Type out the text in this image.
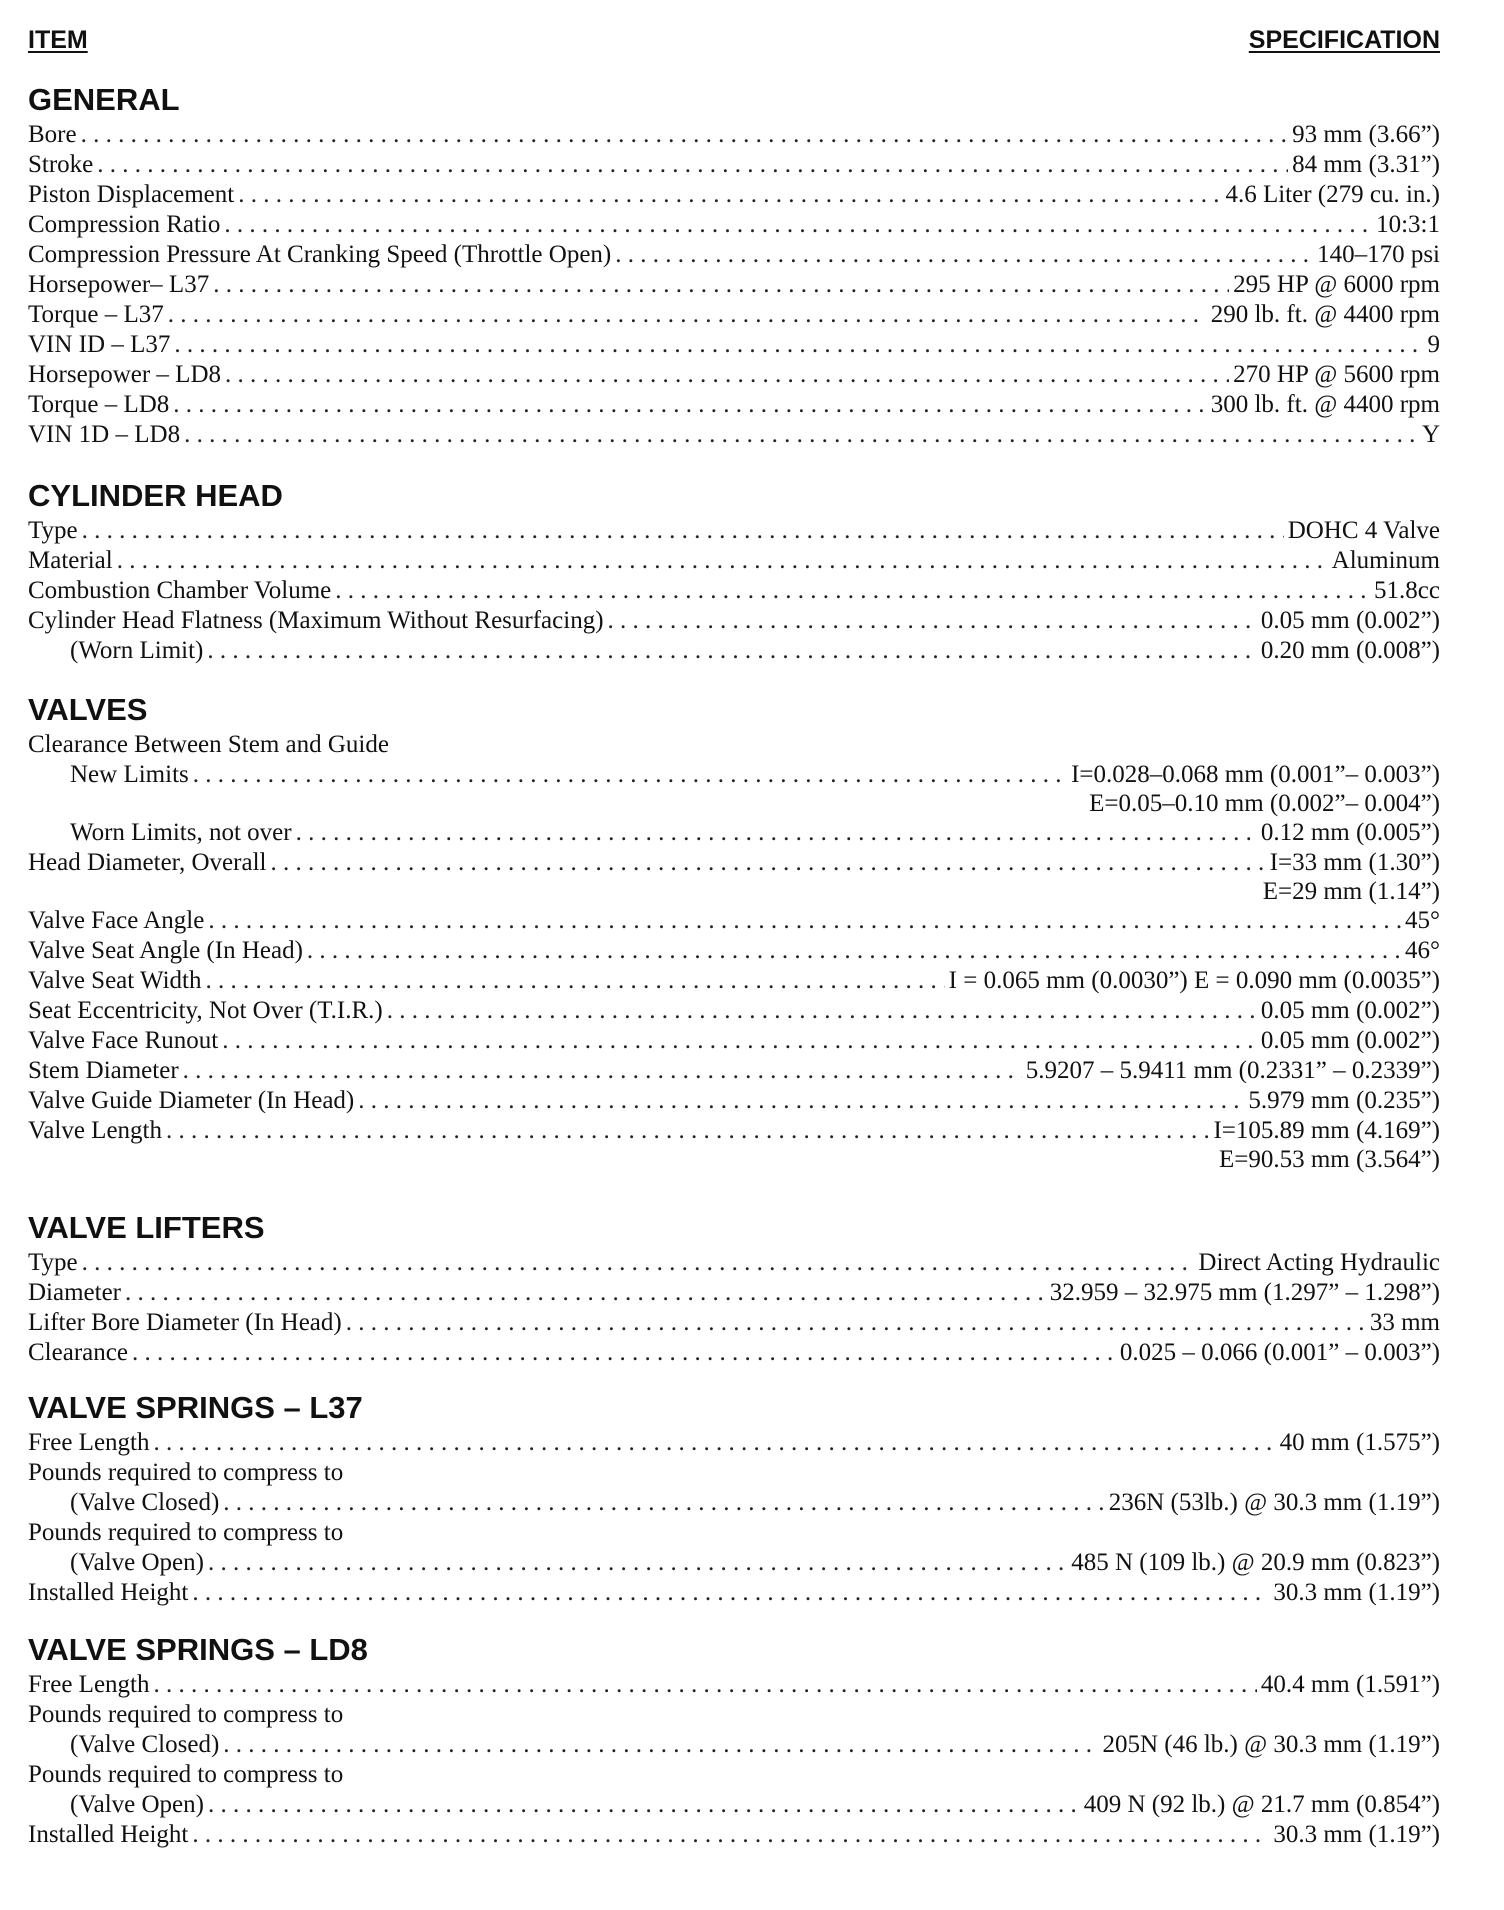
ITEM	SPECIFICATION
GENERAL
Bore . . .	93 mm (3.66”)
Stroke . . .	84 mm (3.31”)
Piston Displacement . . .	4.6 Liter (279 cu. in.)
Compression Ratio . . .	10:3:1
Compression Pressure At Cranking Speed (Throttle Open) . . .	140–170 psi
Horsepower– L37 . . .	295 HP @ 6000 rpm
Torque – L37 . . .	290 lb. ft. @ 4400 rpm
VIN ID – L37 . . .	9
Horsepower – LD8 . . .	270 HP @ 5600 rpm
Torque – LD8 . . .	300 lb. ft. @ 4400 rpm
VIN 1D – LD8 . . .	Y
CYLINDER HEAD
Type . . .	DOHC 4 Valve
Material . . .	Aluminum
Combustion Chamber Volume . . .	51.8cc
Cylinder Head Flatness (Maximum Without Resurfacing) . . .	0.05 mm (0.002”)
(Worn Limit) . . .	0.20 mm (0.008”)
VALVES
Clearance Between Stem and Guide
New Limits . . .	I=0.028–0.068 mm (0.001”– 0.003”)
E=0.05–0.10 mm (0.002”– 0.004”)
Worn Limits, not over . . .	0.12 mm (0.005”)
Head Diameter, Overall . . .	I=33 mm (1.30”)
E=29 mm (1.14”)
Valve Face Angle . . .	45°
Valve Seat Angle (In Head) . . .	46°
Valve Seat Width . . .	I = 0.065 mm (0.0030”) E = 0.090 mm (0.0035”)
Seat Eccentricity, Not Over (T.I.R.) . . .	0.05 mm (0.002”)
Valve Face Runout . . .	0.05 mm (0.002”)
Stem Diameter . . .	5.9207 – 5.9411 mm (0.2331” – 0.2339”)
Valve Guide Diameter (In Head) . . .	5.979 mm (0.235”)
Valve Length . . .	I=105.89 mm (4.169”)
E=90.53 mm (3.564”)
VALVE LIFTERS
Type . . .	Direct Acting Hydraulic
Diameter . . .	32.959 – 32.975 mm (1.297” – 1.298”)
Lifter Bore Diameter (In Head) . . .	33 mm
Clearance . . .	0.025 – 0.066 (0.001” – 0.003”)
VALVE SPRINGS – L37
Free Length . . .	40 mm (1.575”)
Pounds required to compress to
(Valve Closed) . . .	236N (53lb.) @ 30.3 mm (1.19”)
Pounds required to compress to
(Valve Open) . . .	485 N (109 lb.) @ 20.9 mm (0.823”)
Installed Height . . .	30.3 mm (1.19”)
VALVE SPRINGS – LD8
Free Length . . .	40.4 mm (1.591”)
Pounds required to compress to
(Valve Closed) . . .	205N (46 lb.) @ 30.3 mm (1.19”)
Pounds required to compress to
(Valve Open) . . .	409 N (92 lb.) @ 21.7 mm (0.854”)
Installed Height . . .	30.3 mm (1.19”)
